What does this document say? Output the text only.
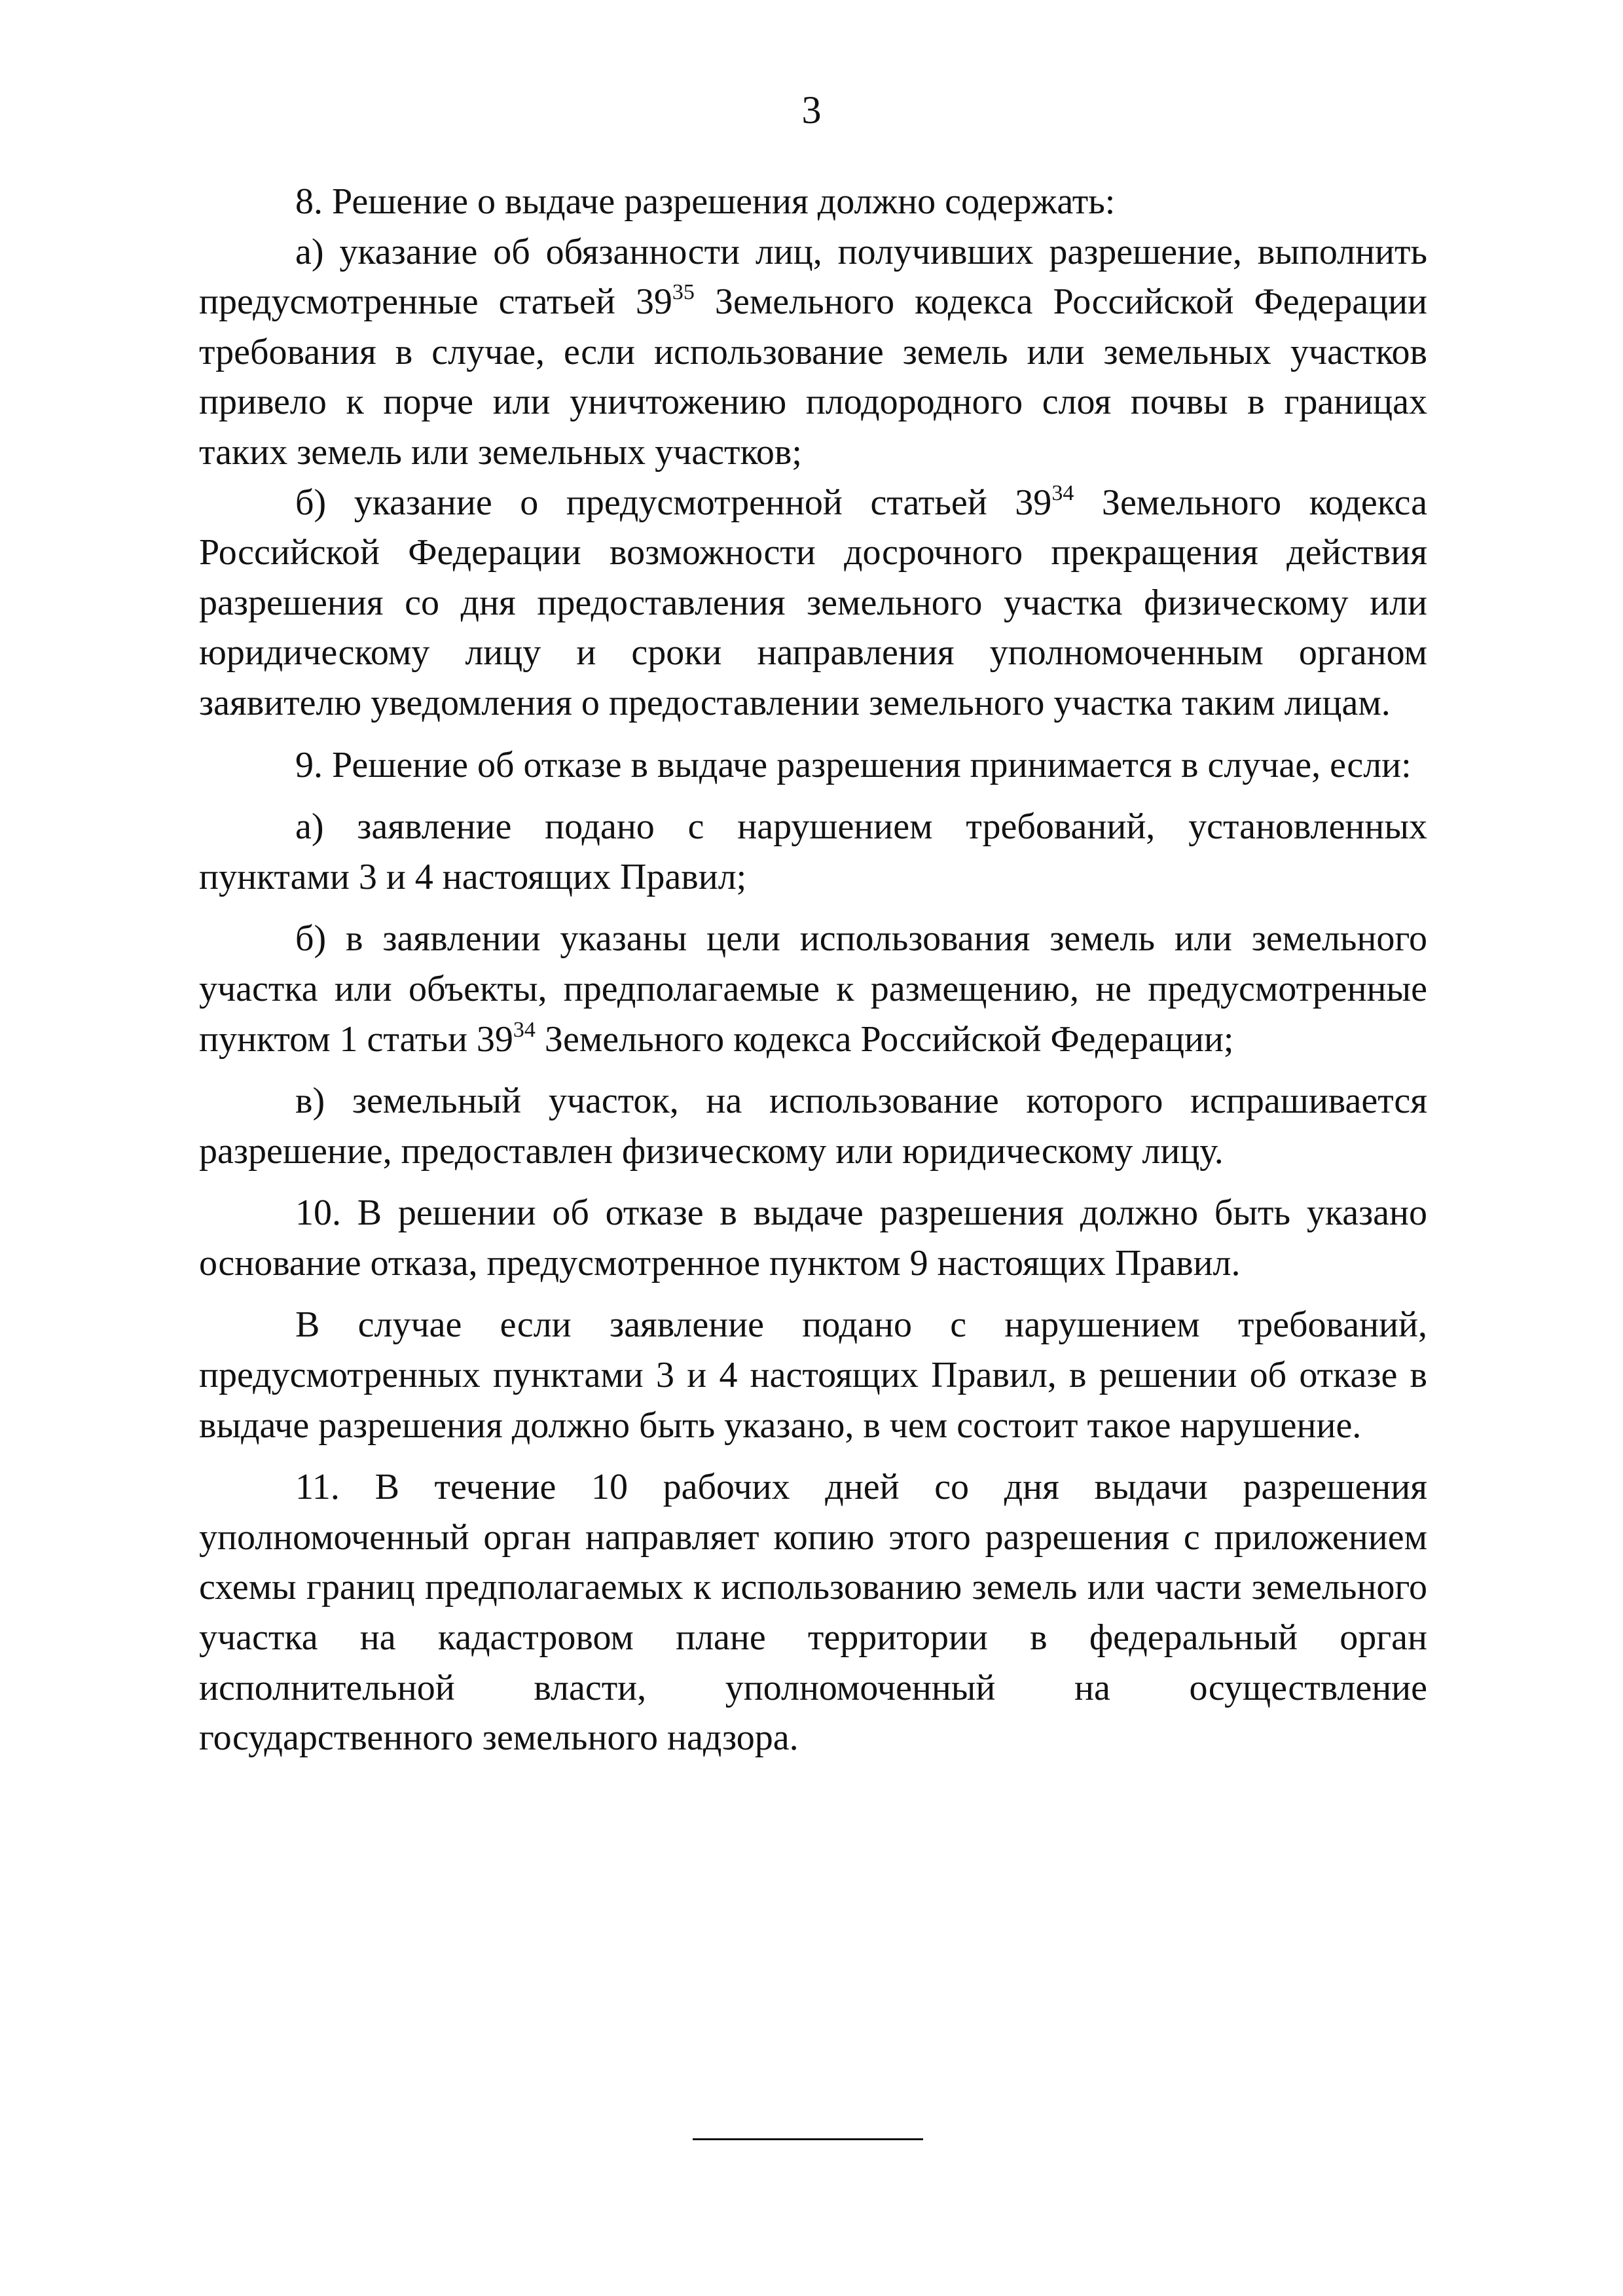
3

8. Решение о выдаче разрешения должно содержать:

а) указание об обязанности лиц, получивших разрешение, выполнить предусмотренные статьей $39^{35}$ Земельного кодекса Российской Федерации требования в случае, если использование земель или земельных участков привело к порче или уничтожению плодородного слоя почвы в границах таких земель или земельных участков;

б) указание о предусмотренной статьей $39^{34}$ Земельного кодекса Российской Федерации возможности досрочного прекращения действия разрешения со дня предоставления земельного участка физическому или юридическому лицу и сроки направления уполномоченным органом заявителю уведомления о предоставлении земельного участка таким лицам.

9. Решение об отказе в выдаче разрешения принимается в случае, если:

а) заявление подано с нарушением требований, установленных пунктами 3 и 4 настоящих Правил;

б) в заявлении указаны цели использования земель или земельного участка или объекты, предполагаемые к размещению, не предусмотренные пунктом 1 статьи $39^{34}$ Земельного кодекса Российской Федерации;

в) земельный участок, на использование которого испрашивается разрешение, предоставлен физическому или юридическому лицу.

10. В решении об отказе в выдаче разрешения должно быть указано основание отказа, предусмотренное пунктом 9 настоящих Правил.

В случае если заявление подано с нарушением требований, предусмотренных пунктами 3 и 4 настоящих Правил, в решении об отказе в выдаче разрешения должно быть указано, в чем состоит такое нарушение.

11. В течение 10 рабочих дней со дня выдачи разрешения уполномоченный орган направляет копию этого разрешения с приложением схемы границ предполагаемых к использованию земель или части земельного участка на кадастровом плане территории в федеральный орган исполнительной власти, уполномоченный на осуществление государственного земельного надзора.
